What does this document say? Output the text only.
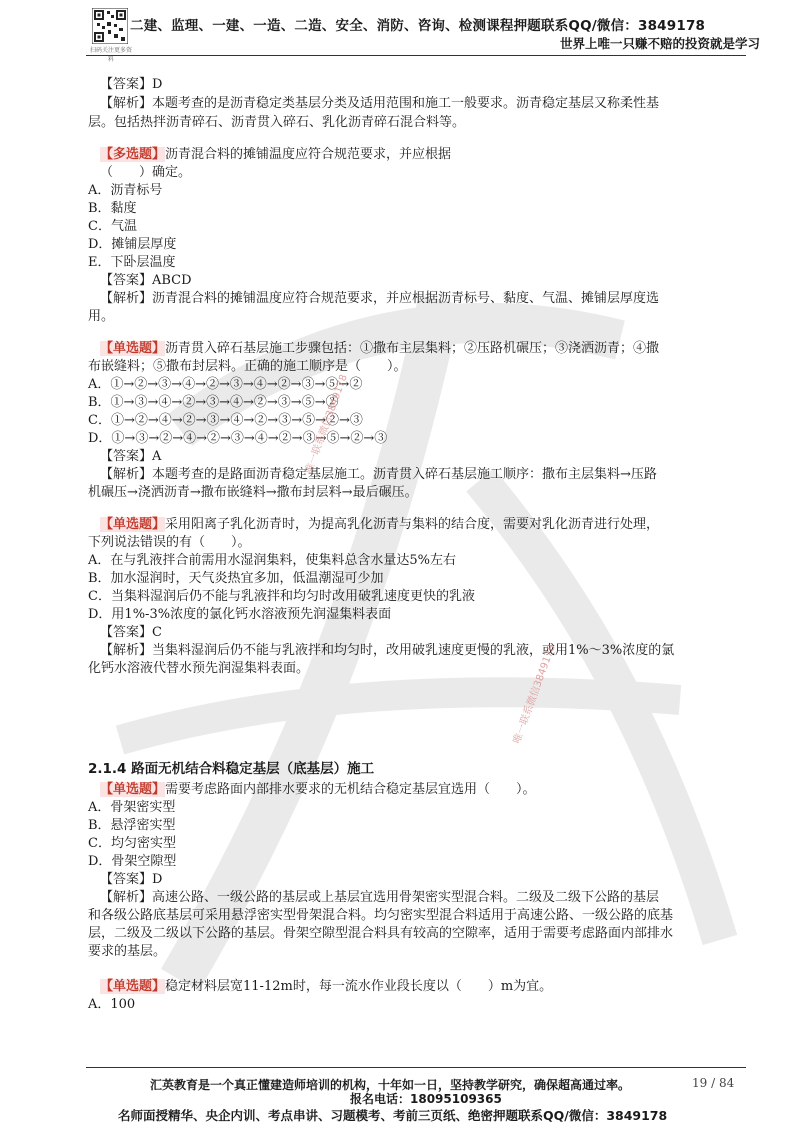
扫码关注更多资料
二建、监理、一建、一造、二造、安全、消防、咨询、检测课程押题联系QQ/微信：3849178
世界上唯一只赚不赔的投资就是学习
【答案】D
【解析】本题考查的是沥青稳定类基层分类及适用范围和施工一般要求。沥青稳定基层又称柔性基
层。包括热拌沥青碎石、沥青贯入碎石、乳化沥青碎石混合料等。
【多选题】沥青混合料的摊铺温度应符合规范要求，并应根据
（　　）确定。
A．沥青标号
B．黏度
C．气温
D．摊铺层厚度
E．下卧层温度
【答案】ABCD
【解析】沥青混合料的摊铺温度应符合规范要求，并应根据沥青标号、黏度、气温、摊铺层厚度选
用。
【单选题】沥青贯入碎石基层施工步骤包括：①撒布主层集料；②压路机碾压；③浇洒沥青；④撒
布嵌缝料；⑤撒布封层料。正确的施工顺序是（　　）。
A．①→②→③→④→②→③→④→②→③→⑤→②
B．①→③→④→②→③→④→②→③→⑤→②
C．①→②→④→②→③→④→②→③→⑤→②→③
D．①→③→②→④→②→③→④→②→③→⑤→②→③
【答案】A
【解析】本题考查的是路面沥青稳定基层施工。沥青贯入碎石基层施工顺序：撒布主层集料→压路
机碾压→浇洒沥青→撒布嵌缝料→撒布封层料→最后碾压。
【单选题】采用阳离子乳化沥青时，为提高乳化沥青与集料的结合度，需要对乳化沥青进行处理，
下列说法错误的有（　　）。
A．在与乳液拌合前需用水湿润集料，使集料总含水量达5%左右
B．加水湿润时，天气炎热宜多加，低温潮湿可少加
C．当集料湿润后仍不能与乳液拌和均匀时改用破乳速度更快的乳液
D．用1%-3%浓度的氯化钙水溶液预先润湿集料表面
【答案】C
【解析】当集料湿润后仍不能与乳液拌和均匀时，改用破乳速度更慢的乳液，或用1%～3%浓度的氯
化钙水溶液代替水预先润湿集料表面。
2.1.4 路面无机结合料稳定基层（底基层）施工
【单选题】需要考虑路面内部排水要求的无机结合稳定基层宜选用（　　）。
A．骨架密实型
B．悬浮密实型
C．均匀密实型
D．骨架空隙型
【答案】D
【解析】高速公路、一级公路的基层或上基层宜选用骨架密实型混合料。二级及二级下公路的基层
和各级公路底基层可采用悬浮密实型骨架混合料。均匀密实型混合料适用于高速公路、一级公路的底基
层，二级及二级以下公路的基层。骨架空隙型混合料具有较高的空隙率，适用于需要考虑路面内部排水
要求的基层。
【单选题】稳定材料层宽11-12m时，每一流水作业段长度以（　　）m为宜。
A．100
唯一联系微信3849178
唯一联系微信3849178
汇英教育是一个真正懂建造师培训的机构，十年如一日，坚持教学研究，确保超高通过率。	19 / 84
报名电话：18095109365
名师面授精华、央企内训、考点串讲、习题模考、考前三页纸、绝密押题联系QQ/微信：3849178
